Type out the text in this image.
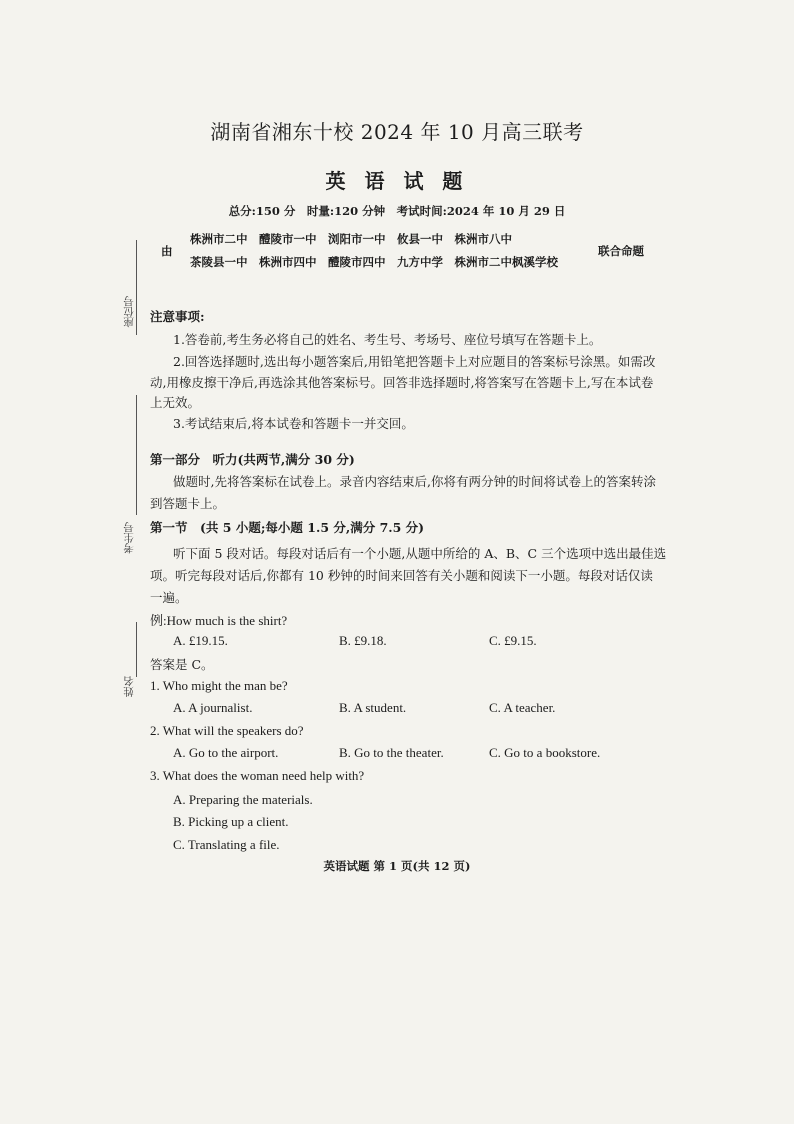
座位号
考生号
姓名
湖南省湘东十校 2024 年 10 月高三联考
英 语 试 题
总分:150 分　时量:120 分钟　考试时间:2024 年 10 月 29 日
由
株洲市二中　醴陵市一中　浏阳市一中　攸县一中　株洲市八中
茶陵县一中　株洲市四中　醴陵市四中　九方中学　株洲市二中枫溪学校
联合命题
注意事项:
1.答卷前,考生务必将自己的姓名、考生号、考场号、座位号填写在答题卡上。
2.回答选择题时,选出每小题答案后,用铅笔把答题卡上对应题目的答案标号涂黑。如需改
动,用橡皮擦干净后,再选涂其他答案标号。回答非选择题时,将答案写在答题卡上,写在本试卷
上无效。
3.考试结束后,将本试卷和答题卡一并交回。
第一部分　听力(共两节,满分 30 分)
做题时,先将答案标在试卷上。录音内容结束后,你将有两分钟的时间将试卷上的答案转涂
到答题卡上。
第一节　(共 5 小题;每小题 1.5 分,满分 7.5 分)
听下面 5 段对话。每段对话后有一个小题,从题中所给的 A、B、C 三个选项中选出最佳选
项。听完每段对话后,你都有 10 秒钟的时间来回答有关小题和阅读下一小题。每段对话仅读
一遍。
例:How much is the shirt?
A. £19.15.	B. £9.18.	C. £9.15.
答案是 C。
1. Who might the man be?
A. A journalist.	B. A student.	C. A teacher.
2. What will the speakers do?
A. Go to the airport.	B. Go to the theater.	C. Go to a bookstore.
3. What does the woman need help with?
A. Preparing the materials.
B. Picking up a client.
C. Translating a file.
英语试题 第 1 页(共 12 页)
